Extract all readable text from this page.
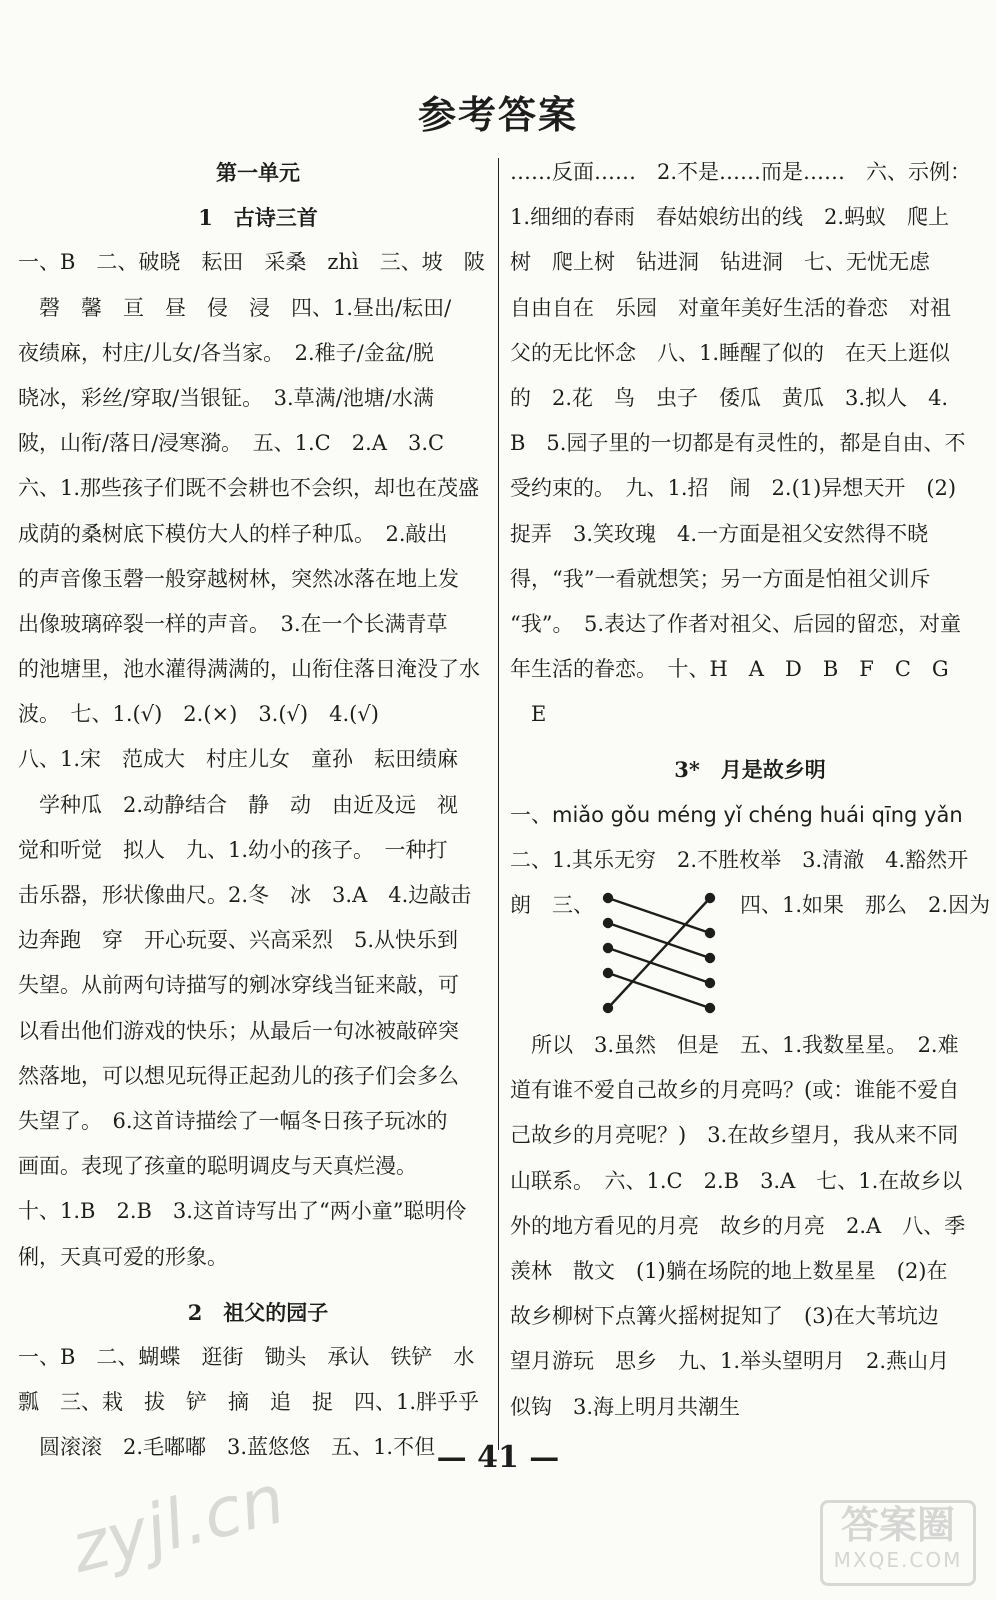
参考答案
第一单元
1　古诗三首
一、B　二、破晓　耘田　采桑　zhì　三、坡　陂
　磬　馨　亘　昼　侵　浸　四、1.昼出/耘田/
夜绩麻，村庄/儿女/各当家。　2.稚子/金盆/脱
晓冰，彩丝/穿取/当银钲。　3.草满/池塘/水满
陂，山衔/落日/浸寒漪。　五、1.C　2.A　3.C
六、1.那些孩子们既不会耕也不会织，却也在茂盛
成荫的桑树底下模仿大人的样子种瓜。　2.敲出
的声音像玉磬一般穿越树林，突然冰落在地上发
出像玻璃碎裂一样的声音。　3.在一个长满青草
的池塘里，池水灌得满满的，山衔住落日淹没了水
波。　七、1.(√)　2.(×)　3.(√)　4.(√)
八、1.宋　范成大　村庄儿女　童孙　耘田绩麻
　学种瓜　2.动静结合　静　动　由近及远　视
觉和听觉　拟人　九、1.幼小的孩子。　一种打
击乐器，形状像曲尺。2.冬　冰　3.A　4.边敲击
边奔跑　穿　开心玩耍、兴高采烈　5.从快乐到
失望。从前两句诗描写的剜冰穿线当钲来敲，可
以看出他们游戏的快乐；从最后一句冰被敲碎突
然落地，可以想见玩得正起劲儿的孩子们会多么
失望了。　6.这首诗描绘了一幅冬日孩子玩冰的
画面。表现了孩童的聪明调皮与天真烂漫。
十、1.B　2.B　3.这首诗写出了“两小童”聪明伶
俐，天真可爱的形象。
2　祖父的园子
一、B　二、蝴蝶　逛街　锄头　承认　铁铲　水
瓢　三、栽　拔　铲　摘　追　捉　四、1.胖乎乎
　圆滚滚　2.毛嘟嘟　3.蓝悠悠　五、1.不但
……反面……　2.不是……而是……　六、示例：
1.细细的春雨　春姑娘纺出的线　2.蚂蚁　爬上
树　爬上树　钻进洞　钻进洞　七、无忧无虑
自由自在　乐园　对童年美好生活的眷恋　对祖
父的无比怀念　八、1.睡醒了似的　在天上逛似
的　2.花　鸟　虫子　倭瓜　黄瓜　3.拟人　4.
B　5.园子里的一切都是有灵性的，都是自由、不
受约束的。　九、1.招　闹　2.(1)异想天开　(2)
捉弄　3.笑玫瑰　4.一方面是祖父安然得不晓
得，“我”一看就想笑；另一方面是怕祖父训斥
“我”。　5.表达了作者对祖父、后园的留恋，对童
年生活的眷恋。　十、H　A　D　B　F　C　G
　E
3*　月是故乡明
一、miǎo gǒu méng yǐ chéng huái qīng yǎn
二、1.其乐无穷　2.不胜枚举　3.清澈　4.豁然开
朗　三、	四、1.如果　那么　2.因为
　所以　3.虽然　但是　五、1.我数星星。　2.难
道有谁不爱自己故乡的月亮吗？(或：谁能不爱自
己故乡的月亮呢？)　3.在故乡望月，我从来不同
山联系。　六、1.C　2.B　3.A　七、1.在故乡以
外的地方看见的月亮　故乡的月亮　2.A　八、季
羡林　散文　(1)躺在场院的地上数星星　(2)在
故乡柳树下点篝火摇树捉知了　(3)在大苇坑边
望月游玩　思乡　九、1.举头望明月　2.燕山月
似钩　3.海上明月共潮生
— 41 —
zyjl.cn	答案圈
MXQE.COM
